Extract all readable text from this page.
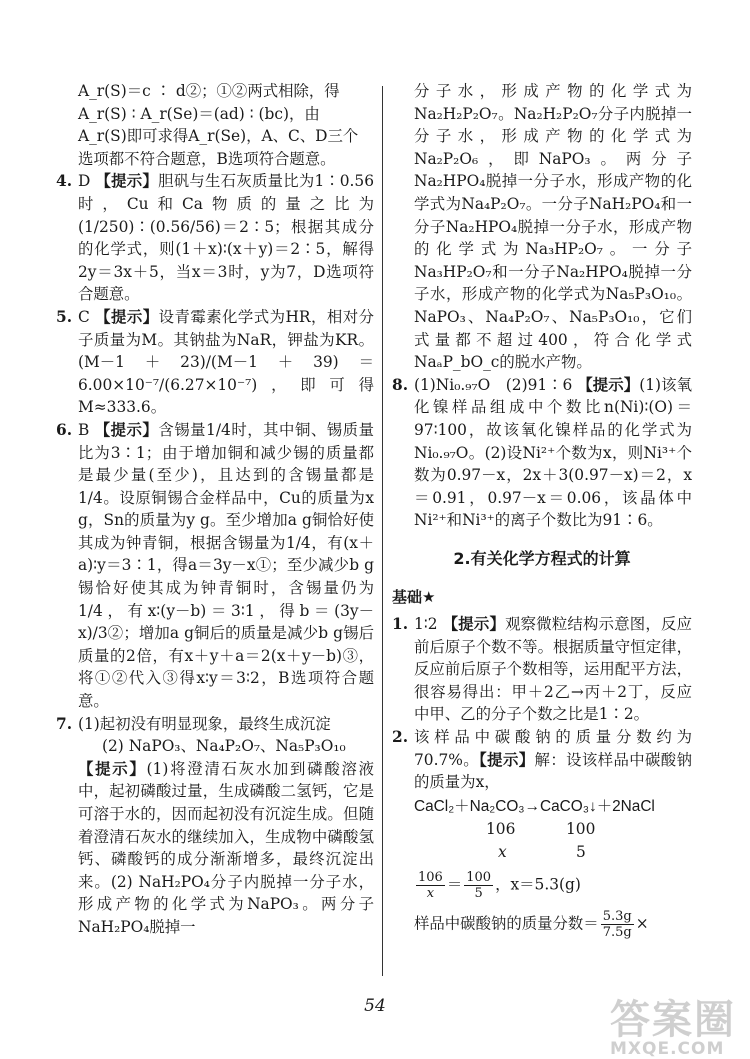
A_r(S)＝c ∶ d②；①②两式相除，得
A_r(S) ∶ A_r(Se)＝(ad) ∶ (bc)，由
A_r(S)即可求得A_r(Se)，A、C、D三个
选项都不符合题意，B选项符合题意。
4. D 【提示】胆矾与生石灰质量比为1∶0.56时，Cu和Ca物质的量之比为(1/250)∶(0.56/56)＝2∶5；根据其成分的化学式，则(1＋x)∶(x＋y)＝2∶5，解得2y＝3x＋5，当x＝3时，y为7，D选项符合题意。
5. C 【提示】设青霉素化学式为HR，相对分子质量为M。其钠盐为NaR，钾盐为KR。(M－1＋23)/(M－1＋39)＝6.00×10⁻⁷/(6.27×10⁻⁷)，即可得M≈333.6。
6. B 【提示】含锡量1/4时，其中铜、锡质量比为3∶1；由于增加铜和减少锡的质量都是最少量(至少)，且达到的含锡量都是1/4。设原铜锡合金样品中，Cu的质量为x g，Sn的质量为y g。至少增加a g铜恰好使其成为钟青铜，根据含锡量为1/4，有(x＋a)∶y＝3∶1，得a＝3y－x①；至少减少b g锡恰好使其成为钟青铜时，含锡量仍为1/4，有x∶(y－b)＝3∶1，得b＝(3y－x)/3②；增加a g铜后的质量是减少b g锡后质量的2倍，有x＋y＋a＝2(x＋y－b)③，将①②代入③得x∶y＝3∶2，B选项符合题意。
7. (1)起初没有明显现象，最终生成沉淀
(2) NaPO₃、Na₄P₂O₇、Na₅P₃O₁₀
【提示】(1)将澄清石灰水加到磷酸溶液中，起初磷酸过量，生成磷酸二氢钙，它是可溶于水的，因而起初没有沉淀生成。但随着澄清石灰水的继续加入，生成物中磷酸氢钙、磷酸钙的成分渐渐增多，最终沉淀出来。(2) NaH₂PO₄分子内脱掉一分子水，形成产物的化学式为NaPO₃。两分子NaH₂PO₄脱掉一
分子水，形成产物的化学式为Na₂H₂P₂O₇。Na₂H₂P₂O₇分子内脱掉一分子水，形成产物的化学式为Na₂P₂O₆，即NaPO₃。两分子Na₂HPO₄脱掉一分子水，形成产物的化学式为Na₄P₂O₇。一分子NaH₂PO₄和一分子Na₂HPO₄脱掉一分子水，形成产物的化学式为Na₃HP₂O₇。一分子Na₃HP₂O₇和一分子Na₂HPO₄脱掉一分子水，形成产物的化学式为Na₅P₃O₁₀。NaPO₃、Na₄P₂O₇、Na₅P₃O₁₀，它们式量都不超过400，符合化学式NaₐP_bO_c的脱水产物。
8. (1)Ni₀.₉₇O　(2)91∶6 【提示】(1)该氧化镍样品组成中个数比n(Ni)∶(O)＝97∶100，故该氧化镍样品的化学式为Ni₀.₉₇O。(2)设Ni²⁺个数为x，则Ni³⁺个数为0.97－x，2x＋3(0.97－x)＝2，x＝0.91，0.97－x＝0.06，该晶体中Ni²⁺和Ni³⁺的离子个数比为91∶6。
2.有关化学方程式的计算
基础★
1. 1∶2 【提示】观察微粒结构示意图，反应前后原子个数不等。根据质量守恒定律，反应前后原子个数相等，运用配平方法，很容易得出：甲＋2乙→丙＋2丁，反应中甲、乙的分子个数之比是1∶2。
2. 该样品中碳酸钠的质量分数约为70.7%。【提示】解：设该样品中碳酸钠的质量为x，
CaCl₂＋Na₂CO₃→CaCO₃↓＋2NaCl
106	100
x	5
$\frac{106}{x} = \frac{100}{5}$ ，x＝5.3(g)
样品中碳酸钠的质量分数＝ $\frac{5.3g}{7.5g}$ ×
54	答案圈
MXQE.COM
